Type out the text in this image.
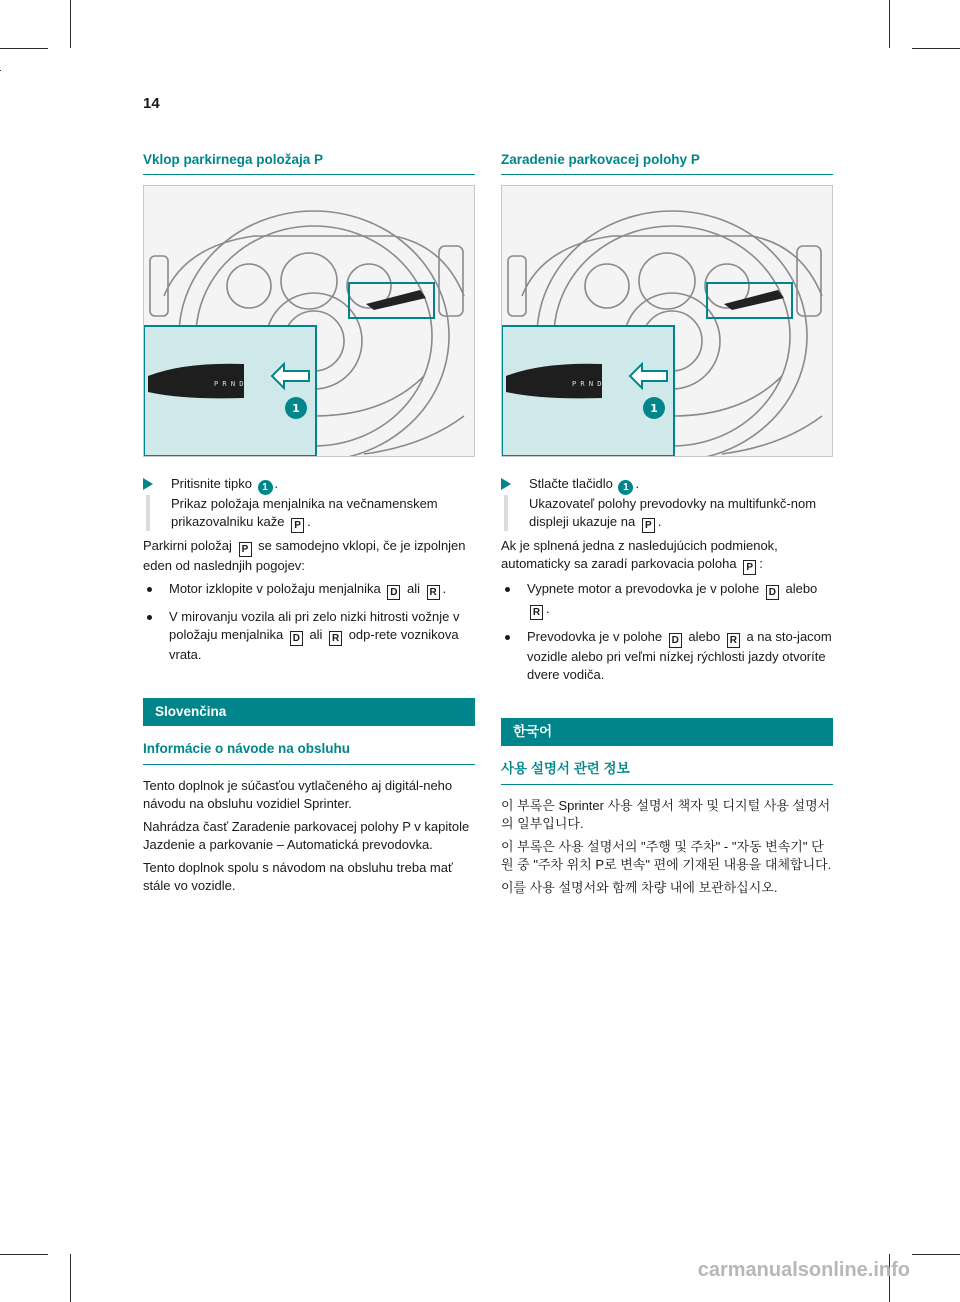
14
Vklop parkirnega položaja P
P R N D
1
Pritisnite tipko 1 .
Prikaz položaja menjalnika na večnamenskem prikazovalniku kaže P .

Parkirni položaj P se samodejno vklopi, če je izpolnjen eden od naslednjih pogojev:

Motor izklopite v položaju menjalnika D ali R .
V mirovanju vozila ali pri zelo nizki hitrosti vožnje v položaju menjalnika D ali R odp-rete voznikova vrata.
Slovenčina
Informácie o návode na obsluhu

Tento doplnok je súčasťou vytlačeného aj digitál-neho návodu na obsluhu vozidiel Sprinter.

Nahrádza časť Zaradenie parkovacej polohy P v kapitole Jazdenie a parkovanie – Automatická prevodovka.

Tento doplnok spolu s návodom na obsluhu treba mať stále vo vozidle.

Zaradenie parkovacej polohy P
P R N D
1
Stlačte tlačidlo 1 .
Ukazovateľ polohy prevodovky na multifunkč-nom displeji ukazuje na P .

Ak je splnená jedna z nasledujúcich podmienok, automaticky sa zaradí parkovacia poloha P :

Vypnete motor a prevodovka je v polohe D alebo R .
Prevodovka je v polohe D alebo R a na sto-jacom vozidle alebo pri veľmi nízkej rýchlosti jazdy otvoríte dvere vodiča.
한국어
사용 설명서 관련 정보

이 부록은 Sprinter 사용 설명서 책자 및 디지털 사용 설명서의 일부입니다.

이 부록은 사용 설명서의 "주행 및 주차" - "자동 변속기" 단원 중 "주차 위치 P로 변속" 편에 기재된 내용을 대체합니다.

이를 사용 설명서와 함께 차량 내에 보관하십시오.

carmanualsonline.info
